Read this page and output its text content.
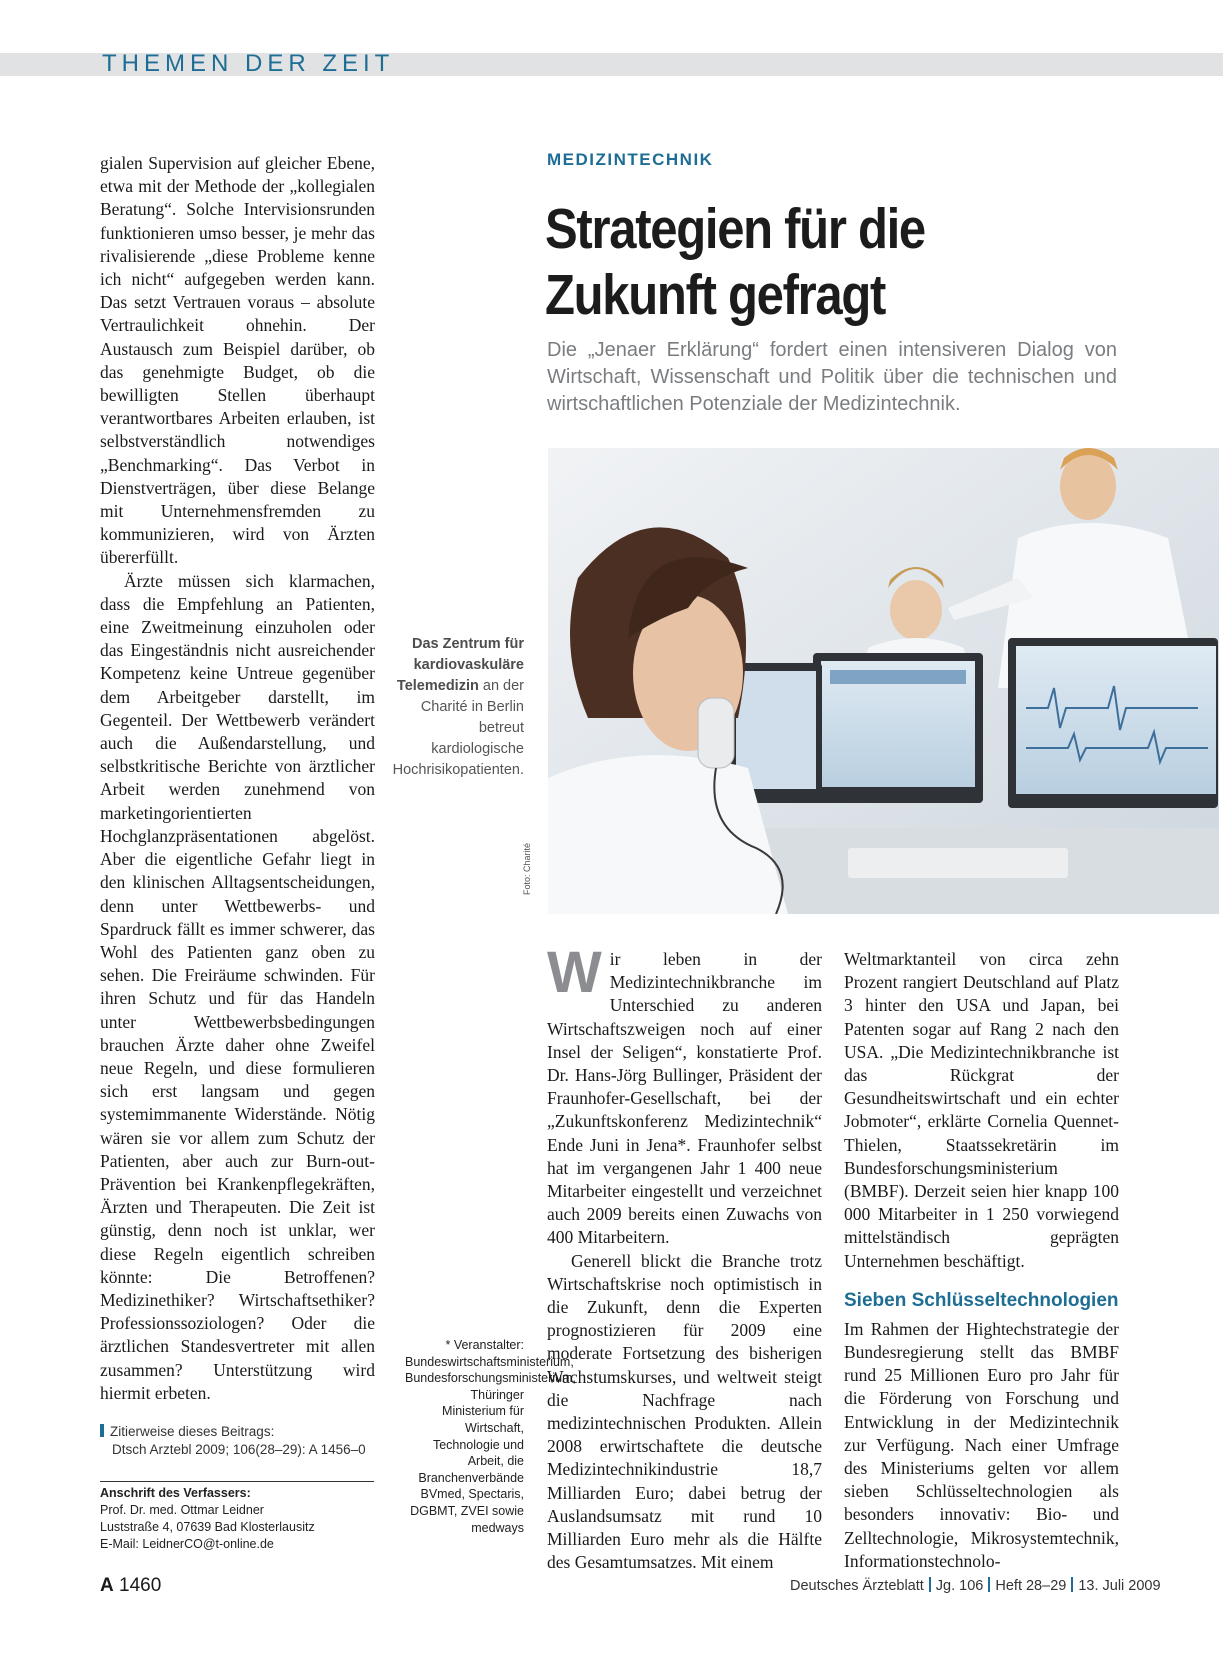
THEMEN DER ZEIT

gialen Supervision auf gleicher Ebene, etwa mit der Methode der „kollegialen Beratung“. Solche Intervisionsrunden funktionieren umso besser, je mehr das rivalisierende „diese Probleme kenne ich nicht“ aufgegeben werden kann. Das setzt Vertrauen voraus – absolute Vertraulichkeit ohnehin. Der Austausch zum Beispiel darüber, ob das genehmigte Budget, ob die bewilligten Stellen überhaupt verantwortbares Arbeiten erlauben, ist selbstverständlich notwendiges „Benchmarking“. Das Verbot in Dienstverträgen, über diese Belange mit Unternehmensfremden zu kommunizieren, wird von Ärzten übererfüllt.

Ärzte müssen sich klarmachen, dass die Empfehlung an Patienten, eine Zweitmeinung einzuholen oder das Eingeständnis nicht ausreichender Kompetenz keine Untreue gegenüber dem Arbeitgeber darstellt, im Gegenteil. Der Wettbewerb verändert auch die Außendarstellung, und selbstkritische Berichte von ärztlicher Arbeit werden zunehmend von marketingorientierten Hochglanzpräsentationen abgelöst. Aber die eigentliche Gefahr liegt in den klinischen Alltagsentscheidungen, denn unter Wettbewerbs- und Spardruck fällt es immer schwerer, das Wohl des Patienten ganz oben zu sehen. Die Freiräume schwinden. Für ihren Schutz und für das Handeln unter Wettbewerbsbedingungen brauchen Ärzte daher ohne Zweifel neue Regeln, und diese formulieren sich erst langsam und gegen systemimmanente Widerstände. Nötig wären sie vor allem zum Schutz der Patienten, aber auch zur Burn-out-Prävention bei Krankenpflegekräften, Ärzten und Therapeuten. Die Zeit ist günstig, denn noch ist unklar, wer diese Regeln eigentlich schreiben könnte: Die Betroffenen? Medizinethiker? Wirtschaftsethiker? Professionssoziologen? Oder die ärztlichen Standesvertreter mit allen zusammen? Unterstützung wird hiermit erbeten.

Zitierweise dieses Beitrags:
Dtsch Arztebl 2009; 106(28–29): A 1456–0
Anschrift des Verfassers:
Prof. Dr. med. Ottmar Leidner
Luststraße 4, 07639 Bad Klosterlausitz
E-Mail: LeidnerCO@t-online.de
Das Zentrum für kardiovaskuläre Telemedizin an der Charité in Berlin betreut kardiologische Hochrisikopatienten.
* Veranstalter: Bundeswirtschaftsministerium, Bundesforschungsministerium, Thüringer Ministerium für Wirtschaft, Technologie und Arbeit, die Branchenverbände BVmed, Spectaris, DGBMT, ZVEI sowie medways
MEDIZINTECHNIK
Strategien für die
Zukunft gefragt

Die „Jenaer Erklärung“ fordert einen intensiveren Dialog von Wirtschaft, Wissenschaft und Politik über die technischen und wirtschaftlichen Potenziale der Medizintechnik.

Foto: Charité

Wir leben in der Medizintechnikbranche im Unterschied zu anderen Wirtschaftszweigen noch auf einer Insel der Seligen“, konstatierte Prof. Dr. Hans-Jörg Bullinger, Präsident der Fraunhofer-Gesellschaft, bei der „Zukunftskonferenz Medizintechnik“ Ende Juni in Jena*. Fraunhofer selbst hat im vergangenen Jahr 1 400 neue Mitarbeiter eingestellt und verzeichnet auch 2009 bereits einen Zuwachs von 400 Mitarbeitern.

Generell blickt die Branche trotz Wirtschaftskrise noch optimistisch in die Zukunft, denn die Experten prognostizieren für 2009 eine moderate Fortsetzung des bisherigen Wachstumskurses, und weltweit steigt die Nachfrage nach medizintechnischen Produkten. Allein 2008 erwirtschaftete die deutsche Medizintechnikindustrie 18,7 Milliarden Euro; dabei betrug der Auslandsumsatz mit rund 10 Milliarden Euro mehr als die Hälfte des Gesamtumsatzes. Mit einem

Weltmarktanteil von circa zehn Prozent rangiert Deutschland auf Platz 3 hinter den USA und Japan, bei Patenten sogar auf Rang 2 nach den USA. „Die Medizintechnikbranche ist das Rückgrat der Gesundheitswirtschaft und ein echter Jobmoter“, erklärte Cornelia Quennet-Thielen, Staatssekretärin im Bundesforschungsministerium (BMBF). Derzeit seien hier knapp 100 000 Mitarbeiter in 1 250 vorwiegend mittelständisch geprägten Unternehmen beschäftigt.

Sieben Schlüsseltechnologien

Im Rahmen der Hightechstrategie der Bundesregierung stellt das BMBF rund 25 Millionen Euro pro Jahr für die Förderung von Forschung und Entwicklung in der Medizintechnik zur Verfügung. Nach einer Umfrage des Ministeriums gelten vor allem sieben Schlüsseltechnologien als besonders innovativ: Bio- und Zelltechnologie, Mikrosystemtechnik, Informationstechnolo-

A 1460	Deutsches Ärzteblatt Jg. 106 Heft 28–29 13. Juli 2009
